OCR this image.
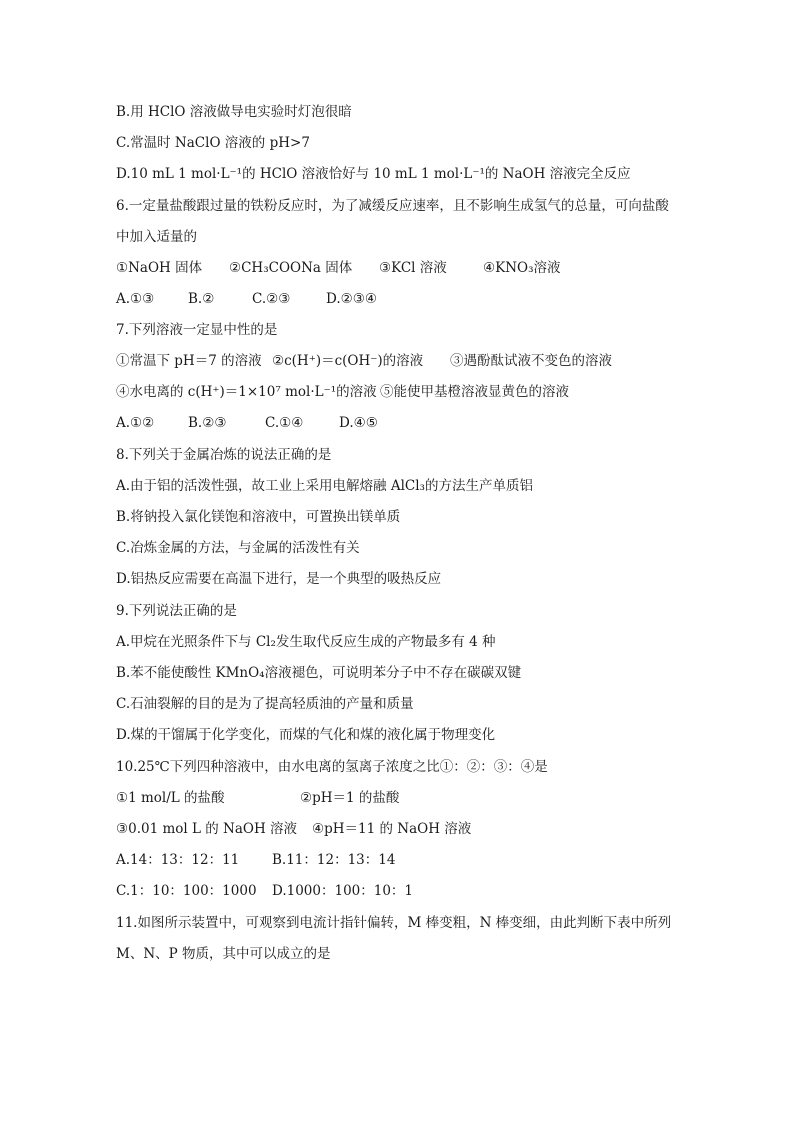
B.用 HClO 溶液做导电实验时灯泡很暗
C.常温时 NaClO 溶液的 pH>7
D.10 mL 1 mol·L⁻¹的 HClO 溶液恰好与 10 mL 1 mol·L⁻¹的 NaOH 溶液完全反应
6.一定量盐酸跟过量的铁粉反应时，为了减缓反应速率，且不影响生成氢气的总量，可向盐酸
中加入适量的
①NaOH 固体 ②CH₃COONa 固体 ③KCl 溶液	④KNO₃溶液
A.①③	B.②	C.②③	D.②③④
7.下列溶液一定显中性的是
①常温下 pH＝7 的溶液 ②c(H⁺)＝c(OH⁻)的溶液 ③遇酚酞试液不变色的溶液
④水电离的 c(H⁺)＝1×10⁷ mol·L⁻¹的溶液 ⑤能使甲基橙溶液显黄色的溶液
A.①②	B.②③	C.①④	D.④⑤
8.下列关于金属冶炼的说法正确的是
A.由于铝的活泼性强，故工业上采用电解熔融 AlCl₃的方法生产单质铝
B.将钠投入氯化镁饱和溶液中，可置换出镁单质
C.冶炼金属的方法，与金属的活泼性有关
D.铝热反应需要在高温下进行，是一个典型的吸热反应
9.下列说法正确的是
A.甲烷在光照条件下与 Cl₂发生取代反应生成的产物最多有 4 种
B.苯不能使酸性 KMnO₄溶液褪色，可说明苯分子中不存在碳碳双键
C.石油裂解的目的是为了提高轻质油的产量和质量
D.煤的干馏属于化学变化，而煤的气化和煤的液化属于物理变化
10.25℃下列四种溶液中，由水电离的氢离子浓度之比①：②：③：④是
①1 mol/L 的盐酸	②pH＝1 的盐酸
③0.01 mol L 的 NaOH 溶液 ④pH＝11 的 NaOH 溶液
A.14：13：12：11 B.11：12：13：14
C.1：10：100：1000 D.1000：100：10：1
11.如图所示装置中，可观察到电流计指针偏转，M 棒变粗，N 棒变细，由此判断下表中所列
M、N、P 物质，其中可以成立的是
